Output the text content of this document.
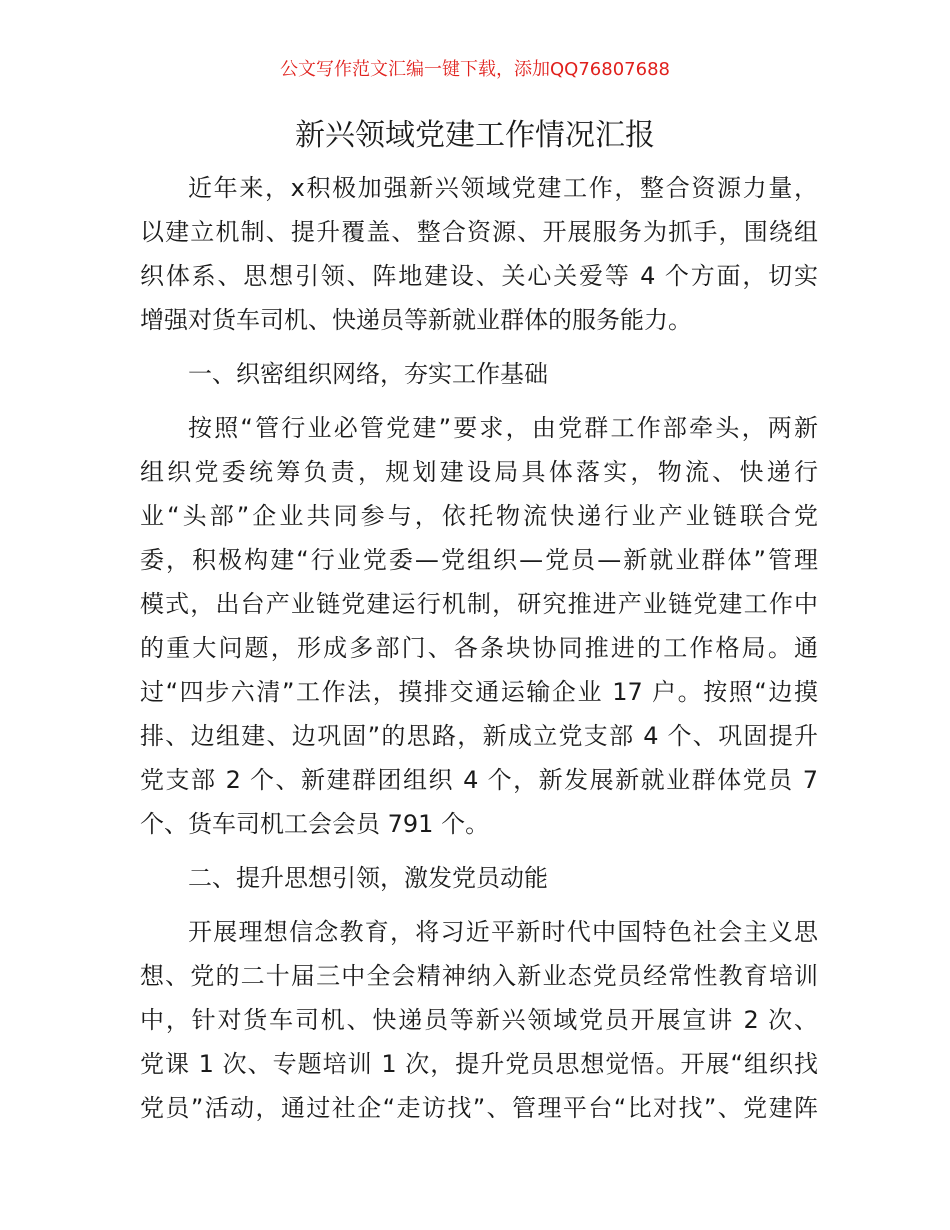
公文写作范文汇编一键下载，添加QQ76807688
新兴领域党建工作情况汇报
近年来，x积极加强新兴领域党建工作，整合资源力量，
以建立机制、提升覆盖、整合资源、开展服务为抓手，围绕组
织体系、思想引领、阵地建设、关心关爱等 4 个方面，切实
增强对货车司机、快递员等新就业群体的服务能力。
一、织密组织网络，夯实工作基础
按照“管行业必管党建”要求，由党群工作部牵头，两新
组织党委统筹负责，规划建设局具体落实，物流、快递行
业“头部”企业共同参与，依托物流快递行业产业链联合党
委，积极构建“行业党委—党组织—党员—新就业群体”管理
模式，出台产业链党建运行机制，研究推进产业链党建工作中
的重大问题，形成多部门、各条块协同推进的工作格局。通
过“四步六清”工作法，摸排交通运输企业 17 户。按照“边摸
排、边组建、边巩固”的思路，新成立党支部 4 个、巩固提升
党支部 2 个、新建群团组织 4 个，新发展新就业群体党员 7
个、货车司机工会会员 791 个。
二、提升思想引领，激发党员动能
开展理想信念教育，将习近平新时代中国特色社会主义思
想、党的二十届三中全会精神纳入新业态党员经常性教育培训
中，针对货车司机、快递员等新兴领域党员开展宣讲 2 次、
党课 1 次、专题培训 1 次，提升党员思想觉悟。开展“组织找
党员”活动，通过社企“走访找”、管理平台“比对找”、党建阵
